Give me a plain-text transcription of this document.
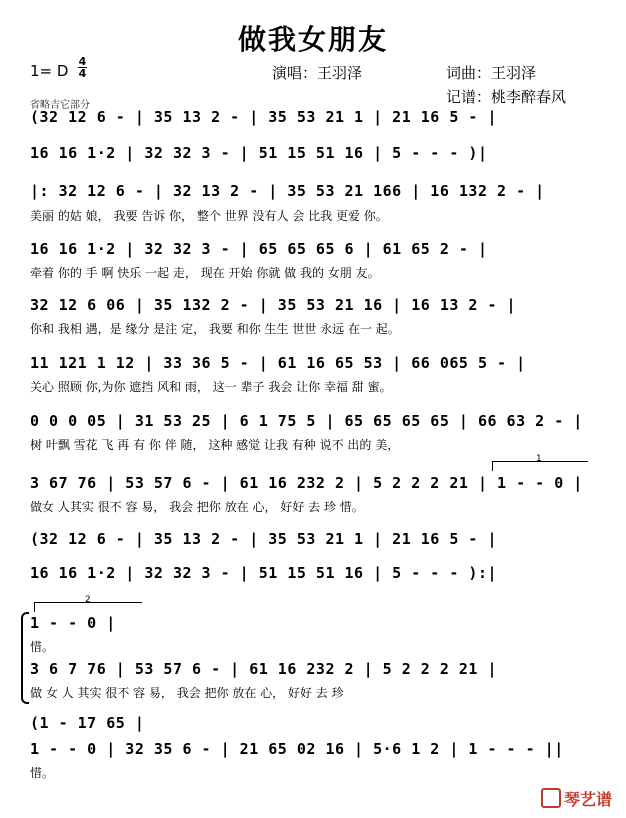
做我女朋友
1= D
4
4	演唱：王羽泽	词曲：王羽泽
记谱：桃李醉春风
省略吉它部分
(32 12 6 - | 35 13 2 - | 35 53 21 1 | 21 16 5 - |
16 16 1·2 | 32 32 3 - | 51 15 51 16 | 5 - - - )|
|: 32 12 6 - | 32 13 2 - | 35 53 21 166 | 16 132 2 - |
美丽 的姑 娘， 我要 告诉 你， 整个 世界 没有人 会 比我 更爱 你。
16 16 1·2 | 32 32 3 - | 65 65 65 6 | 61 65 2 - |
牵着 你的 手 啊 快乐 一起 走， 现在 开始 你就 做 我的 女朋 友。
32 12 6 06 | 35 132 2 - | 35 53 21 16 | 16 13 2 - |
你和 我相 遇，是 缘分 是注 定， 我要 和你 生生 世世 永远 在一 起。
11 121 1 12 | 33 36 5 - | 61 16 65 53 | 66 065 5 - |
关心 照顾 你,为你 遮挡 风和 雨， 这一 辈子 我会 让你 幸福 甜 蜜。
0 0 0 05 | 31 53 25 | 6 1 75 5 | 65 65 65 65 | 66 63 2 - |
树 叶飘 雪花 飞 再 有 你 伴 随， 这种 感觉 让我 有种 说不 出的 美，
1
3 67 76 | 53 57 6 - | 61 16 232 2 | 5 2 2 2 21 | 1 - - 0 |
做女 人其实 很不 容 易， 我会 把你 放在 心， 好好 去 珍 惜。
(32 12 6 - | 35 13 2 - | 35 53 21 1 | 21 16 5 - |
16 16 1·2 | 32 32 3 - | 51 15 51 16 | 5 - - - ):|
2
1 - - 0 |
惜。
3 6 7 76 | 53 57 6 - | 61 16 232 2 | 5 2 2 2 21 |
做 女 人 其实 很不 容 易， 我会 把你 放在 心， 好好 去 珍
(1 - 17 65 |
1 - - 0 | 32 35 6 - | 21 65 02 16 | 5·6 1 2 | 1 - - - ||
惜。
琴艺谱
